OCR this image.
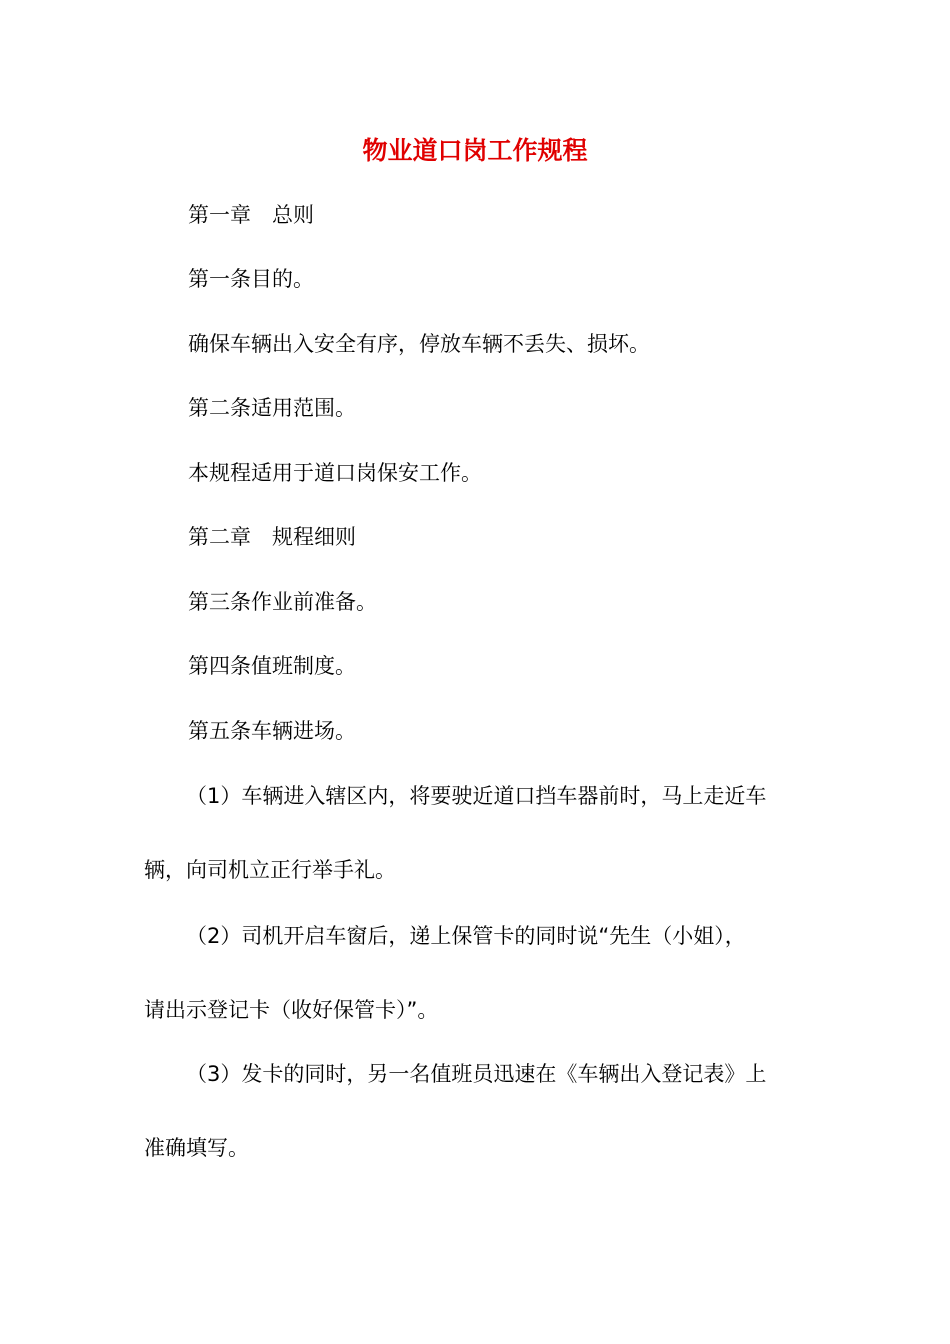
物业道口岗工作规程

第一章　总则

第一条目的。

确保车辆出入安全有序，停放车辆不丢失、损坏。

第二条适用范围。

本规程适用于道口岗保安工作。

第二章　规程细则

第三条作业前准备。

第四条值班制度。

第五条车辆进场。

（1）车辆进入辖区内，将要驶近道口挡车器前时，马上走近车

辆，向司机立正行举手礼。

（2）司机开启车窗后，递上保管卡的同时说“先生（小姐），

请出示登记卡（收好保管卡）”。

（3）发卡的同时，另一名值班员迅速在《车辆出入登记表》上

准确填写。
